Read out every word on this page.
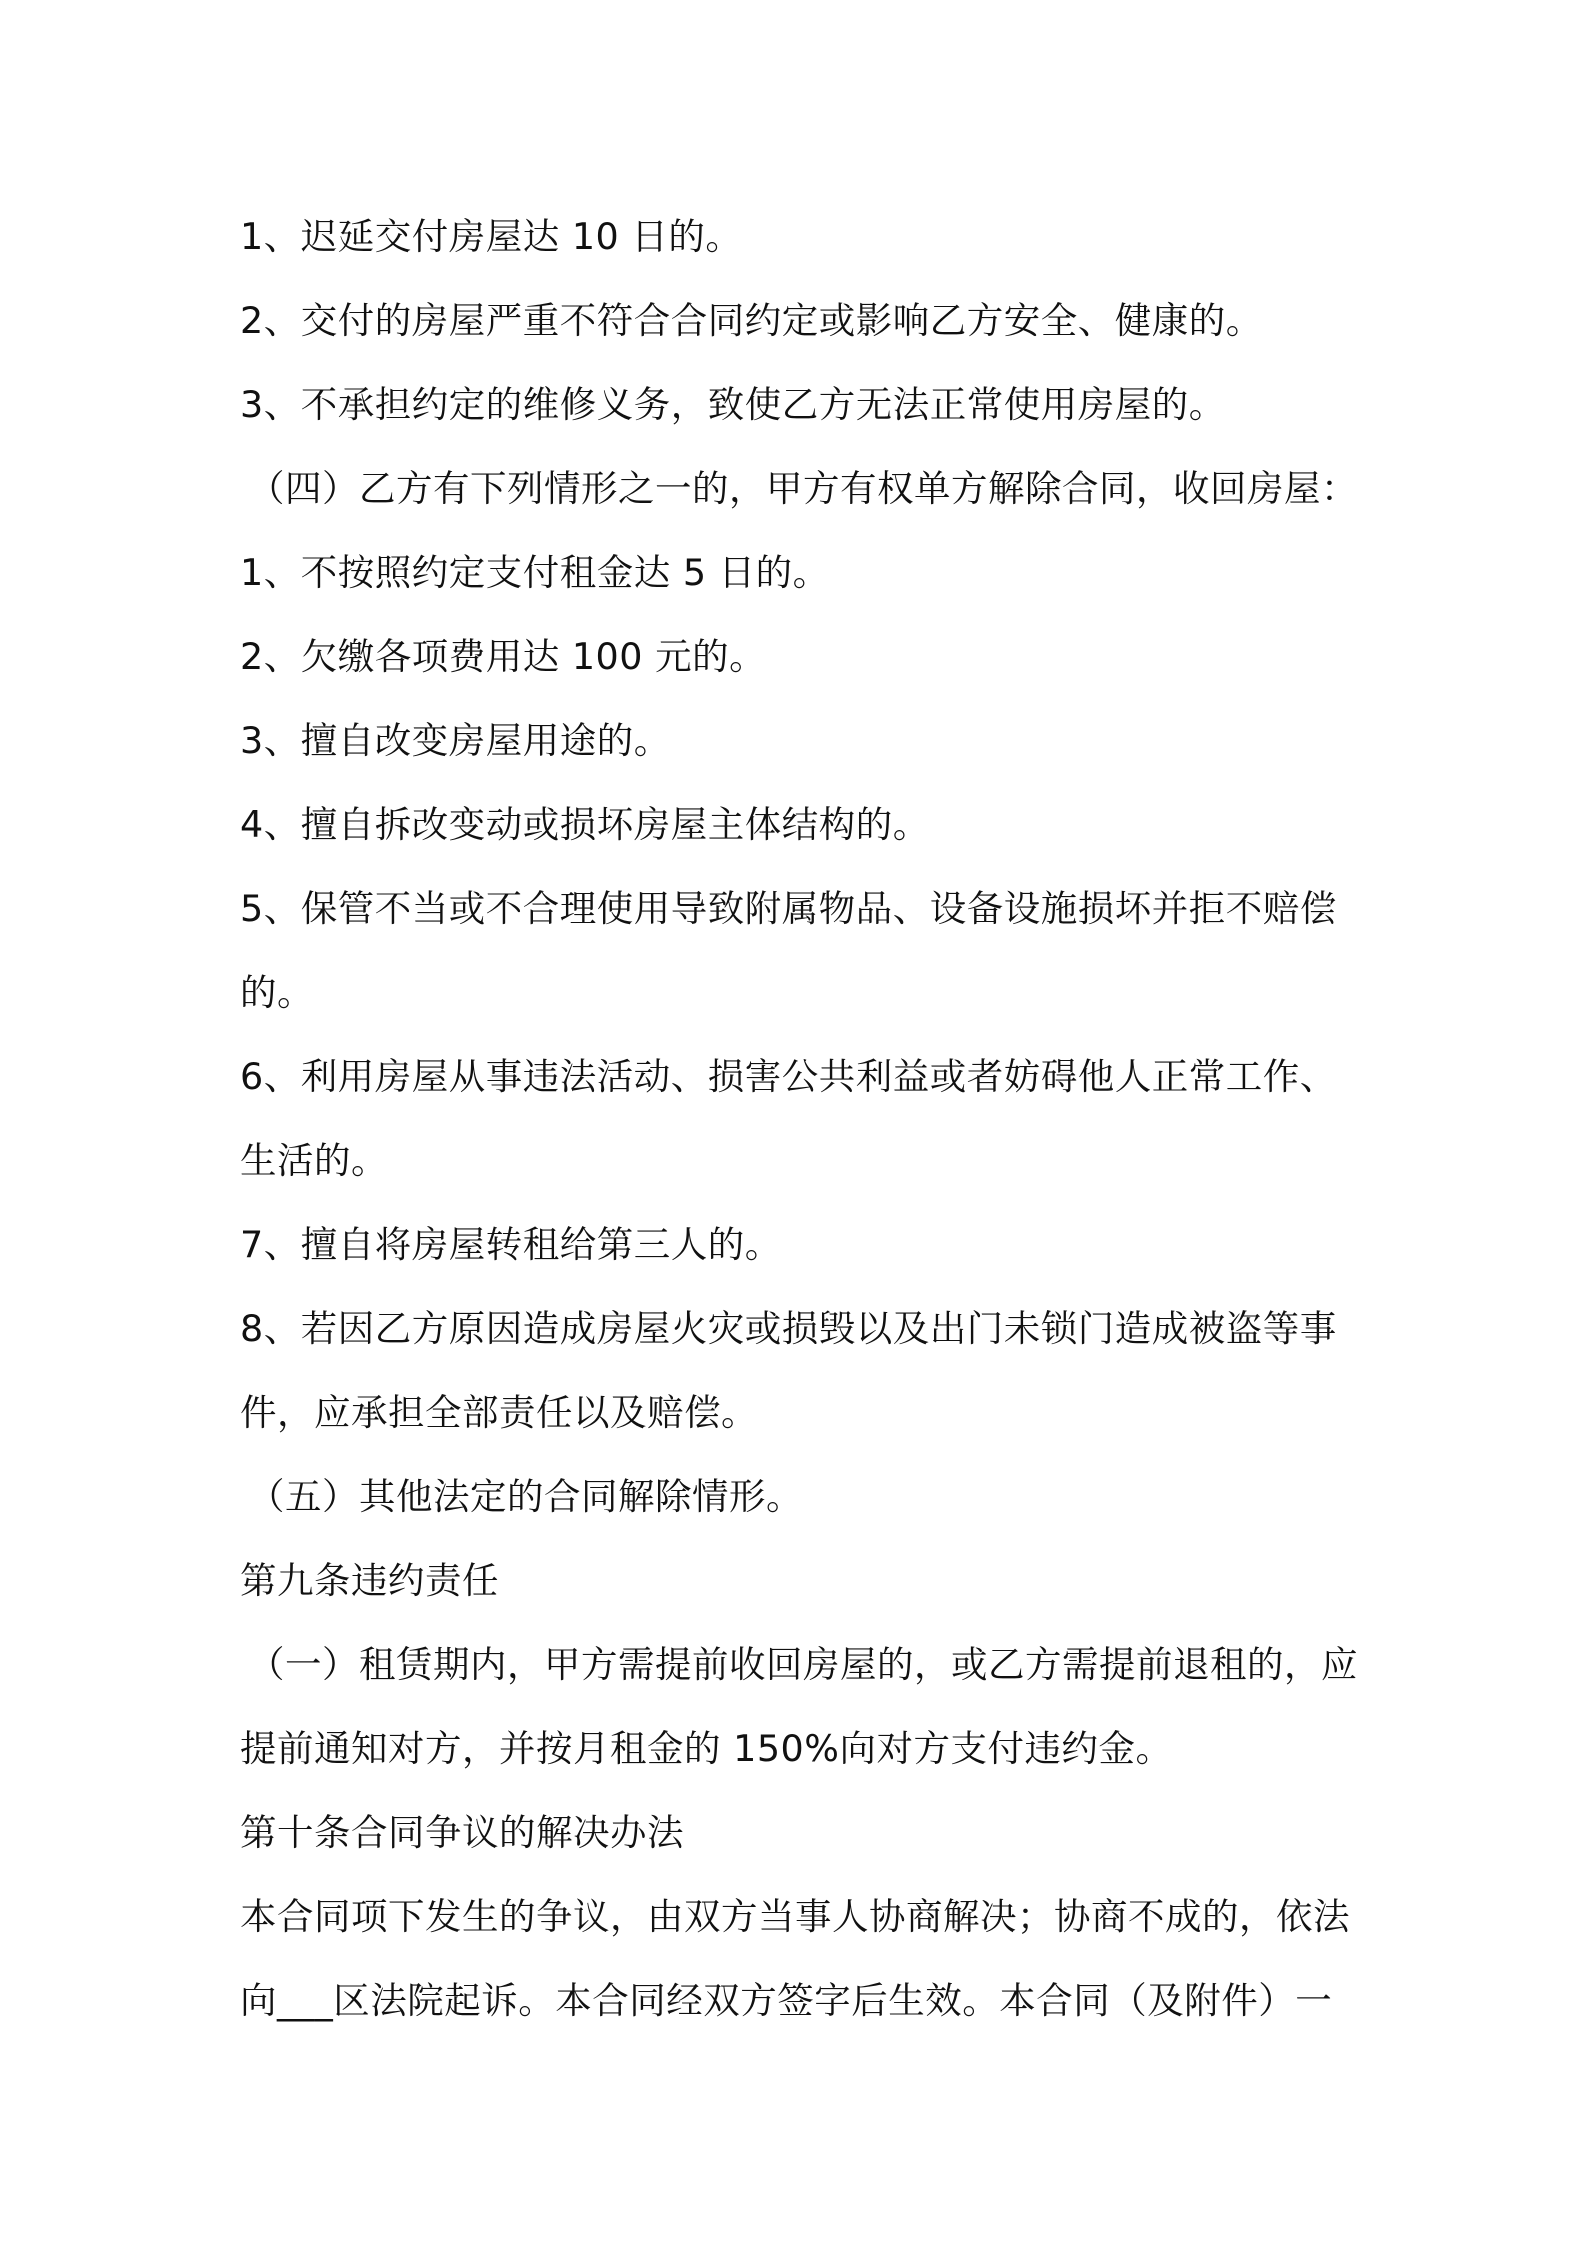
1、迟延交付房屋达 10 日的。
2、交付的房屋严重不符合合同约定或影响乙方安全、健康的。
3、不承担约定的维修义务，致使乙方无法正常使用房屋的。
（四）乙方有下列情形之一的，甲方有权单方解除合同，收回房屋：
1、不按照约定支付租金达 5 日的。
2、欠缴各项费用达 100 元的。
3、擅自改变房屋用途的。
4、擅自拆改变动或损坏房屋主体结构的。
5、保管不当或不合理使用导致附属物品、设备设施损坏并拒不赔偿
的。
6、利用房屋从事违法活动、损害公共利益或者妨碍他人正常工作、
生活的。
7、擅自将房屋转租给第三人的。
8、若因乙方原因造成房屋火灾或损毁以及出门未锁门造成被盗等事
件，应承担全部责任以及赔偿。
（五）其他法定的合同解除情形。
第九条违约责任
（一）租赁期内，甲方需提前收回房屋的，或乙方需提前退租的，应
提前通知对方，并按月租金的 150%向对方支付违约金。
第十条合同争议的解决办法
本合同项下发生的争议，由双方当事人协商解决；协商不成的，依法
向___区法院起诉。本合同经双方签字后生效。本合同（及附件）一
